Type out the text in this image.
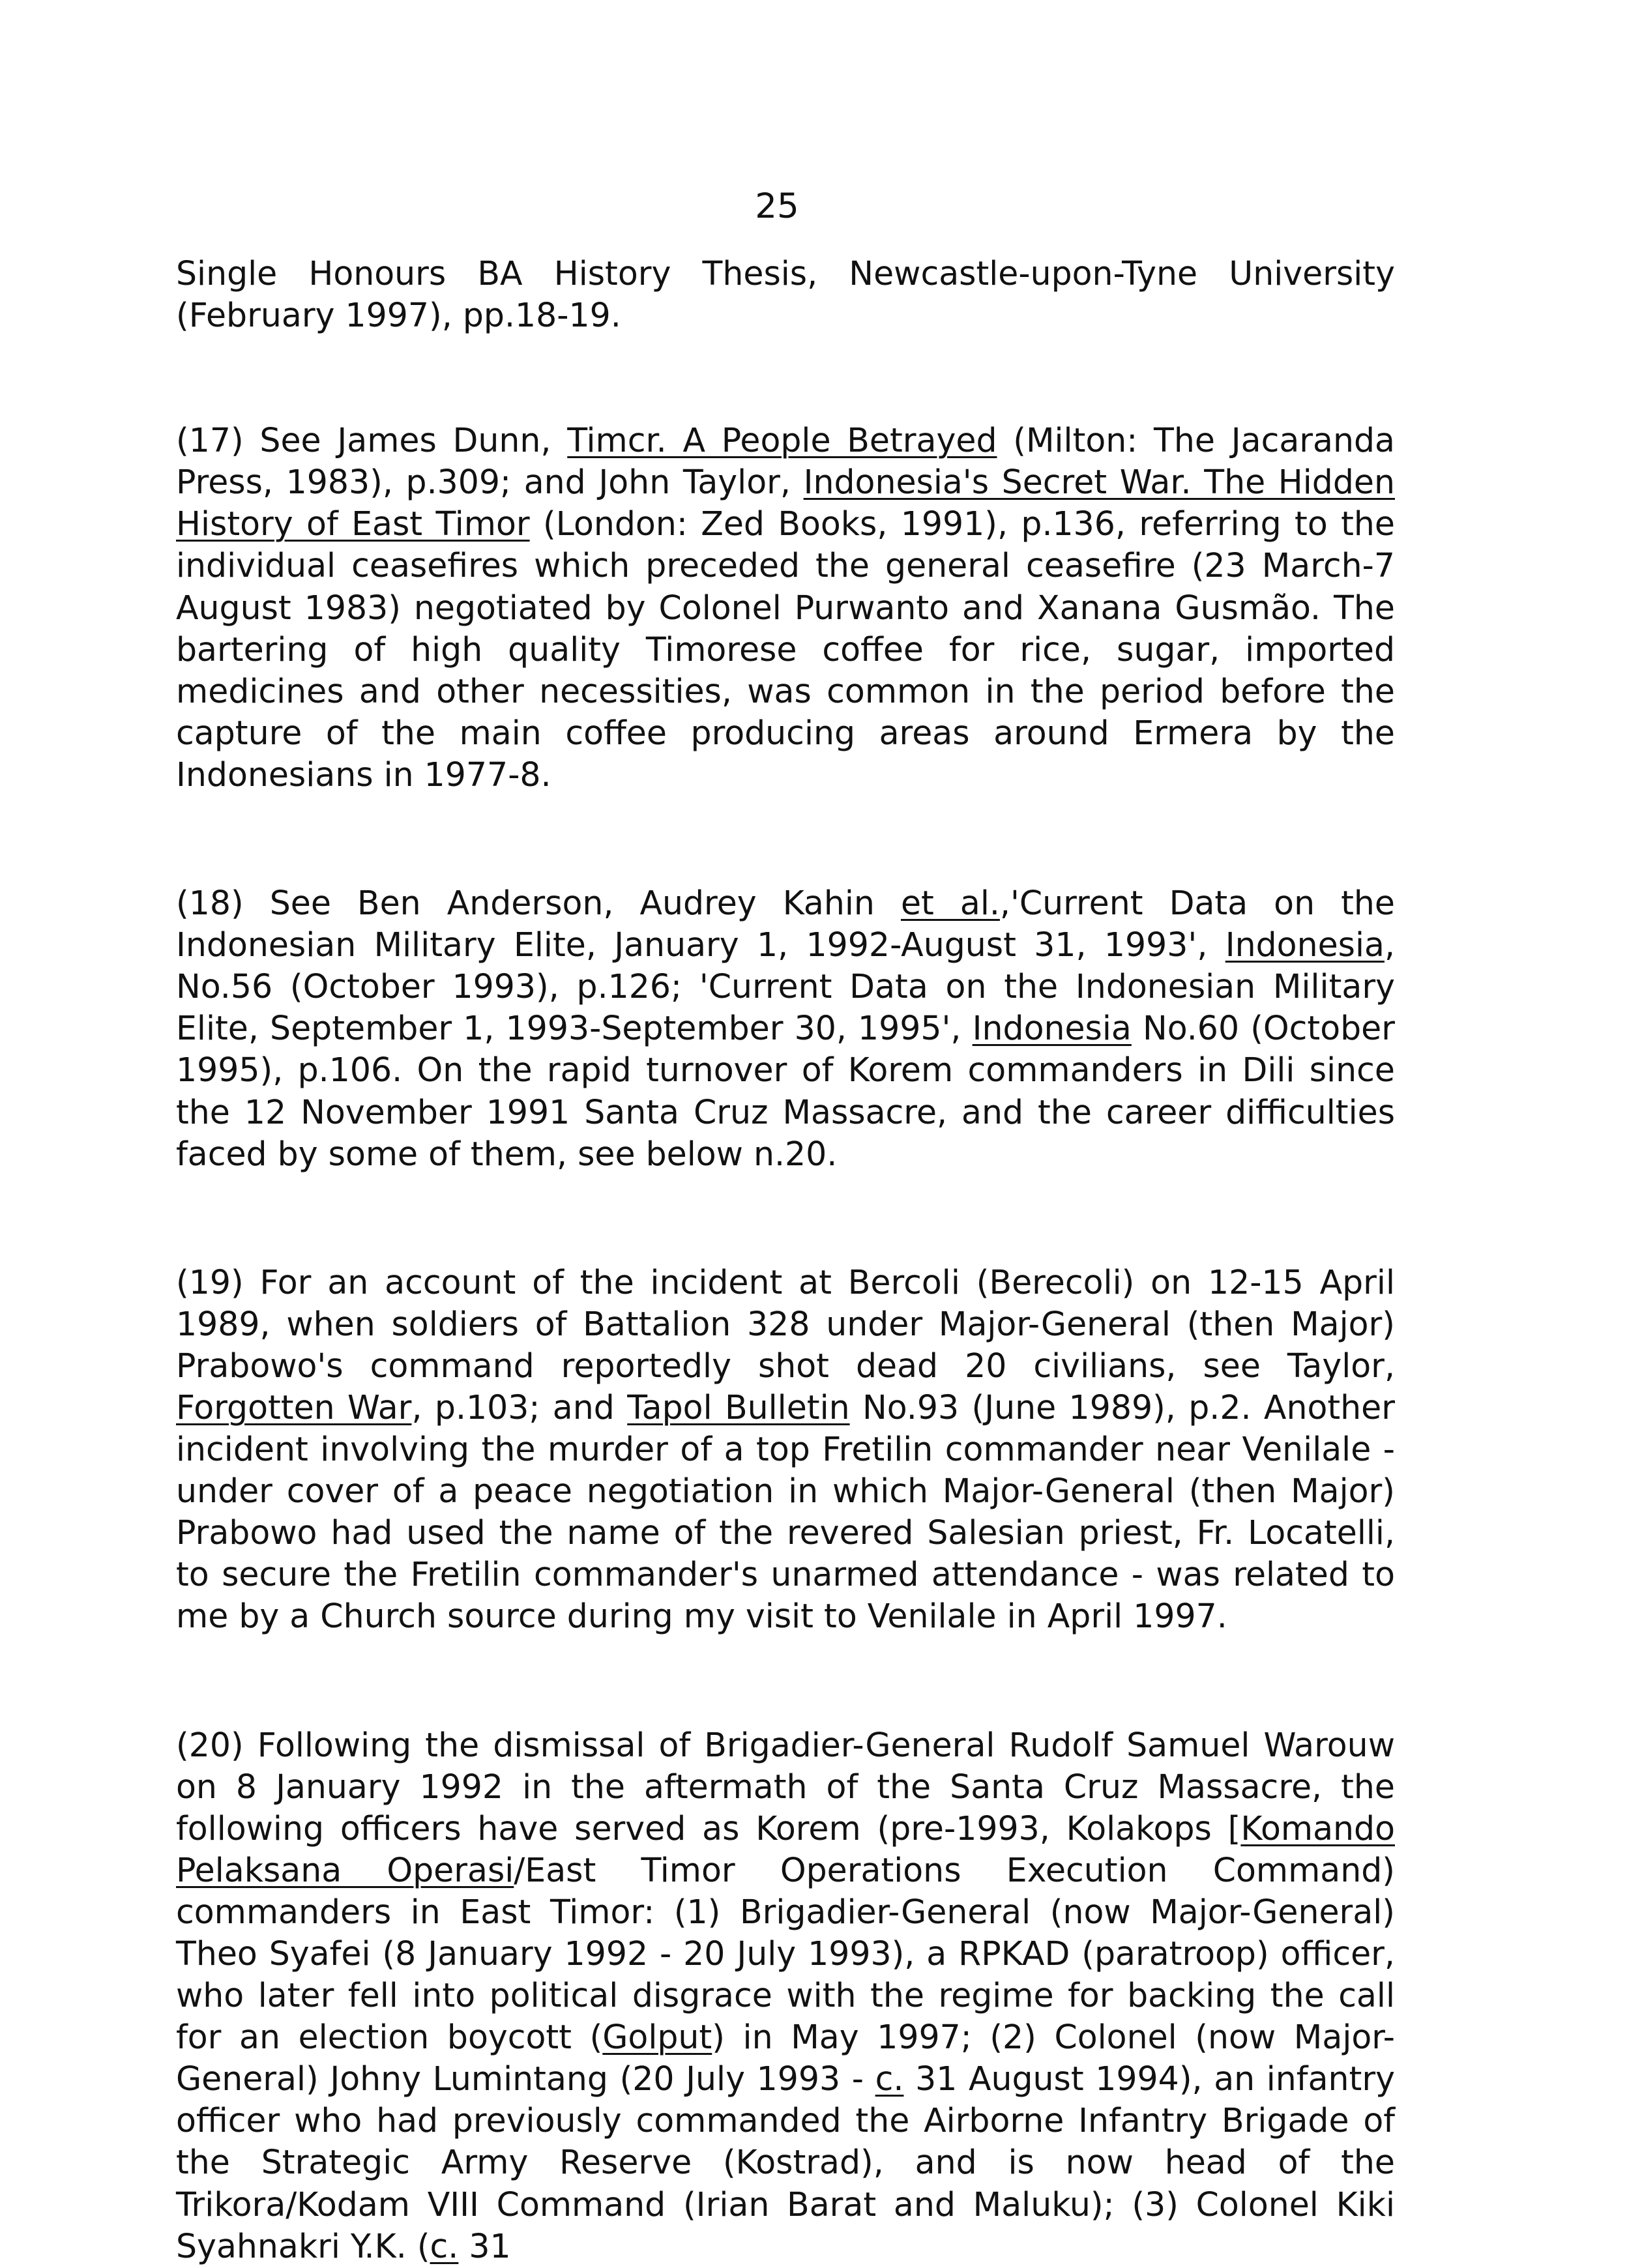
25

Single Honours BA History Thesis, Newcastle-upon-Tyne University (February 1997), pp.18-19.

(17) See James Dunn, Timcr. A People Betrayed (Milton: The Jacaranda Press, 1983), p.309; and John Taylor, Indonesia's Secret War. The Hidden History of East Timor (London: Zed Books, 1991), p.136, referring to the individual ceasefires which preceded the general ceasefire (23 March-7 August 1983) negotiated by Colonel Purwanto and Xanana Gusmão. The bartering of high quality Timorese coffee for rice, sugar, imported medicines and other necessities, was common in the period before the capture of the main coffee producing areas around Ermera by the Indonesians in 1977-8.

(18) See Ben Anderson, Audrey Kahin et al.,'Current Data on the Indonesian Military Elite, January 1, 1992-August 31, 1993', Indonesia, No.56 (October 1993), p.126; 'Current Data on the Indonesian Military Elite, September 1, 1993-September 30, 1995', Indonesia No.60 (October 1995), p.106. On the rapid turnover of Korem commanders in Dili since the 12 November 1991 Santa Cruz Massacre, and the career difficulties faced by some of them, see below n.20.

(19) For an account of the incident at Bercoli (Berecoli) on 12-15 April 1989, when soldiers of Battalion 328 under Major-General (then Major) Prabowo's command reportedly shot dead 20 civilians, see Taylor, Forgotten War, p.103; and Tapol Bulletin No.93 (June 1989), p.2. Another incident involving the murder of a top Fretilin commander near Venilale - under cover of a peace negotiation in which Major-General (then Major) Prabowo had used the name of the revered Salesian priest, Fr. Locatelli, to secure the Fretilin commander's unarmed attendance - was related to me by a Church source during my visit to Venilale in April 1997.

(20) Following the dismissal of Brigadier-General Rudolf Samuel Warouw on 8 January 1992 in the aftermath of the Santa Cruz Massacre, the following officers have served as Korem (pre-1993, Kolakops [Komando Pelaksana Operasi/East Timor Operations Execution Command) commanders in East Timor: (1) Brigadier-General (now Major-General) Theo Syafei (8 January 1992 - 20 July 1993), a RPKAD (paratroop) officer, who later fell into political disgrace with the regime for backing the call for an election boycott (Golput) in May 1997; (2) Colonel (now Major-General) Johny Lumintang (20 July 1993 - c. 31 August 1994), an infantry officer who had previously commanded the Airborne Infantry Brigade of the Strategic Army Reserve (Kostrad), and is now head of the Trikora/Kodam VIII Command (Irian Barat and Maluku); (3) Colonel Kiki Syahnakri Y.K. (c. 31
